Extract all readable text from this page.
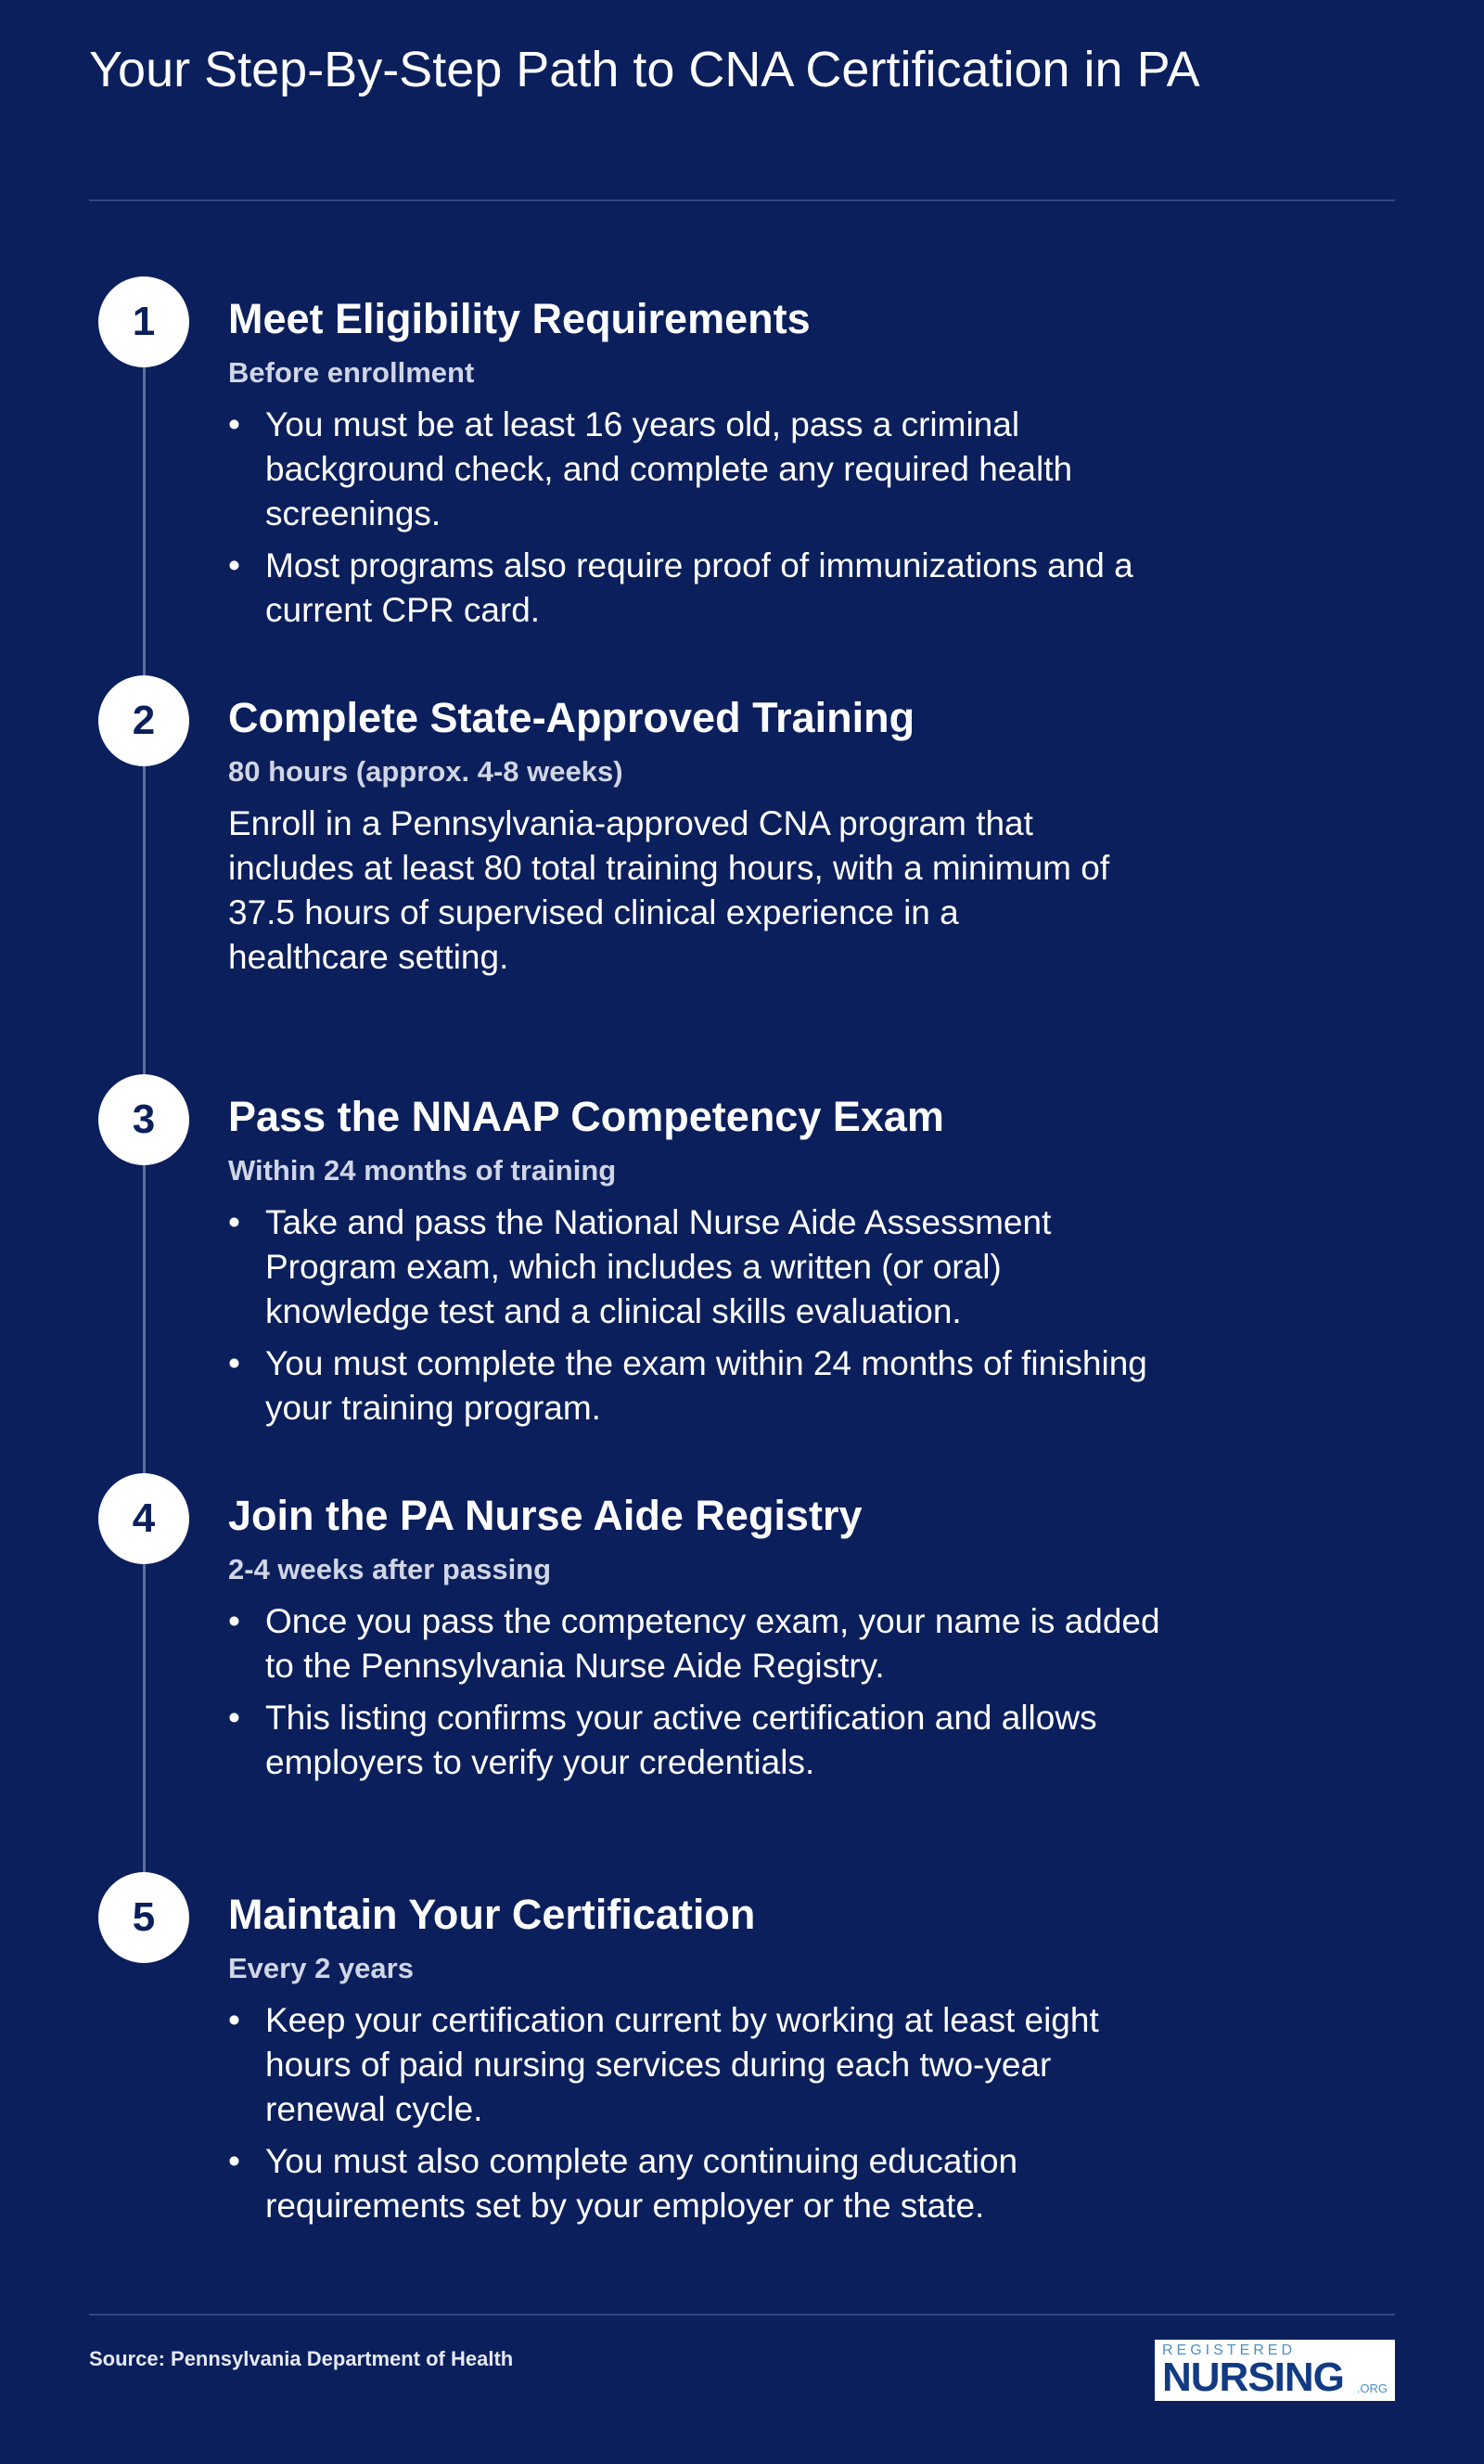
Your Step-By-Step Path to CNA Certification in PA
1	Meet Eligibility Requirements
Before enrollment
• You must be at least 16 years old, pass a criminal background check, and complete any required health screenings.
• Most programs also require proof of immunizations and a current CPR card.
2	Complete State-Approved Training
80 hours (approx. 4-8 weeks)

Enroll in a Pennsylvania-approved CNA program that includes at least 80 total training hours, with a minimum of 37.5 hours of supervised clinical experience in a healthcare setting.

3	Pass the NNAAP Competency Exam
Within 24 months of training
• Take and pass the National Nurse Aide Assessment Program exam, which includes a written (or oral) knowledge test and a clinical skills evaluation.
• You must complete the exam within 24 months of finishing your training program.
4	Join the PA Nurse Aide Registry
2-4 weeks after passing
• Once you pass the competency exam, your name is added to the Pennsylvania Nurse Aide Registry.
• This listing confirms your active certification and allows employers to verify your credentials.
5	Maintain Your Certification
Every 2 years
• Keep your certification current by working at least eight hours of paid nursing services during each two-year renewal cycle.
• You must also complete any continuing education requirements set by your employer or the state.
Source: Pennsylvania Department of Health	REGISTERED
NURSING	.ORG
